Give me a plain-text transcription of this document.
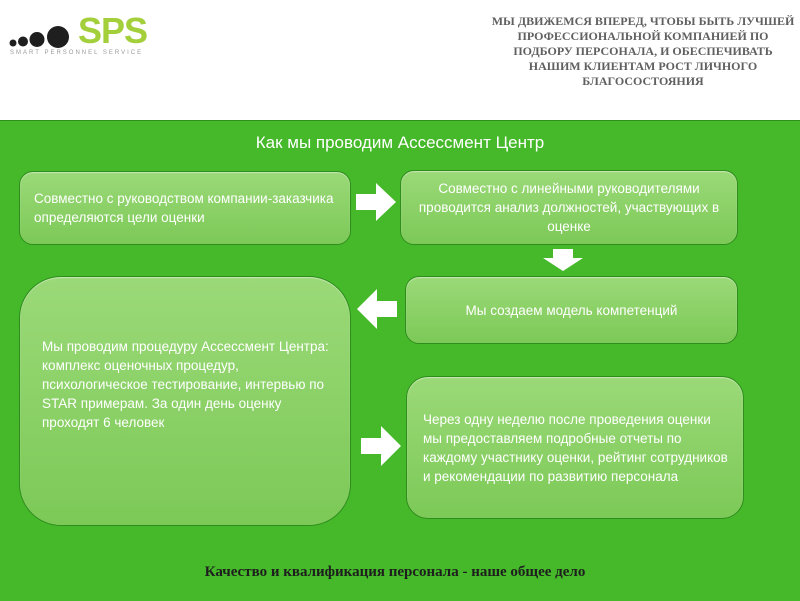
SPS
SMART PERSONNEL SERVICE
МЫ ДВИЖЕМСЯ ВПЕРЕД, ЧТОБЫ БЫТЬ ЛУЧШЕЙ ПРОФЕССИОНАЛЬНОЙ КОМПАНИЕЙ ПО ПОДБОРУ ПЕРСОНАЛА, И ОБЕСПЕЧИВАТЬ НАШИМ КЛИЕНТАМ РОСТ ЛИЧНОГО БЛАГОСОСТОЯНИЯ
Как мы проводим Ассессмент Центр
Совместно с руководством компании-заказчика определяются цели оценки
Совместно с линейными руководителями проводится анализ должностей, участвующих в оценке
Мы создаем модель компетенций
Мы проводим процедуру Ассессмент Центра: комплекс оценочных процедур, психологическое тестирование, интервью по STAR примерам. За один день оценку проходят 6 человек	Через одну неделю после проведения оценки мы предоставляем подробные отчеты по каждому участнику оценки, рейтинг сотрудников и рекомендации по развитию персонала
Качество и квалификация персонала - наше общее дело
